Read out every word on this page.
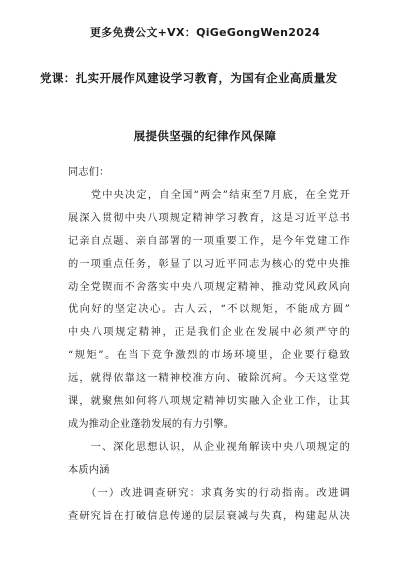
更多免费公文+VX：QiGeGongWen2024
党课：扎实开展作风建设学习教育，为国有企业高质量发
展提供坚强的纪律作风保障
同志们：
　　党中央决定，自全国“两会”结束至7月底，在全党开
展深入贯彻中央八项规定精神学习教育，这是习近平总书
记亲自点题、亲自部署的一项重要工作，是今年党建工作
的一项重点任务，彰显了以习近平同志为核心的党中央推
动全党锲而不舍落实中央八项规定精神、推动党风政风向
优向好的坚定决心。古人云，“不以规矩，不能成方圆”
中央八项规定精神，正是我们企业在发展中必须严守的
“规矩”。在当下竞争激烈的市场环境里，企业要行稳致
远，就得依靠这一精神校准方向、破除沉疴。今天这堂党
课，就聚焦如何将八项规定精神切实融入企业工作，让其
成为推动企业蓬勃发展的有力引擎。
　　一、深化思想认识，从企业视角解读中央八项规定的
本质内涵
　　（一）改进调查研究：求真务实的行动指南。改进调
查研究旨在打破信息传递的层层衰减与失真，构建起从决
